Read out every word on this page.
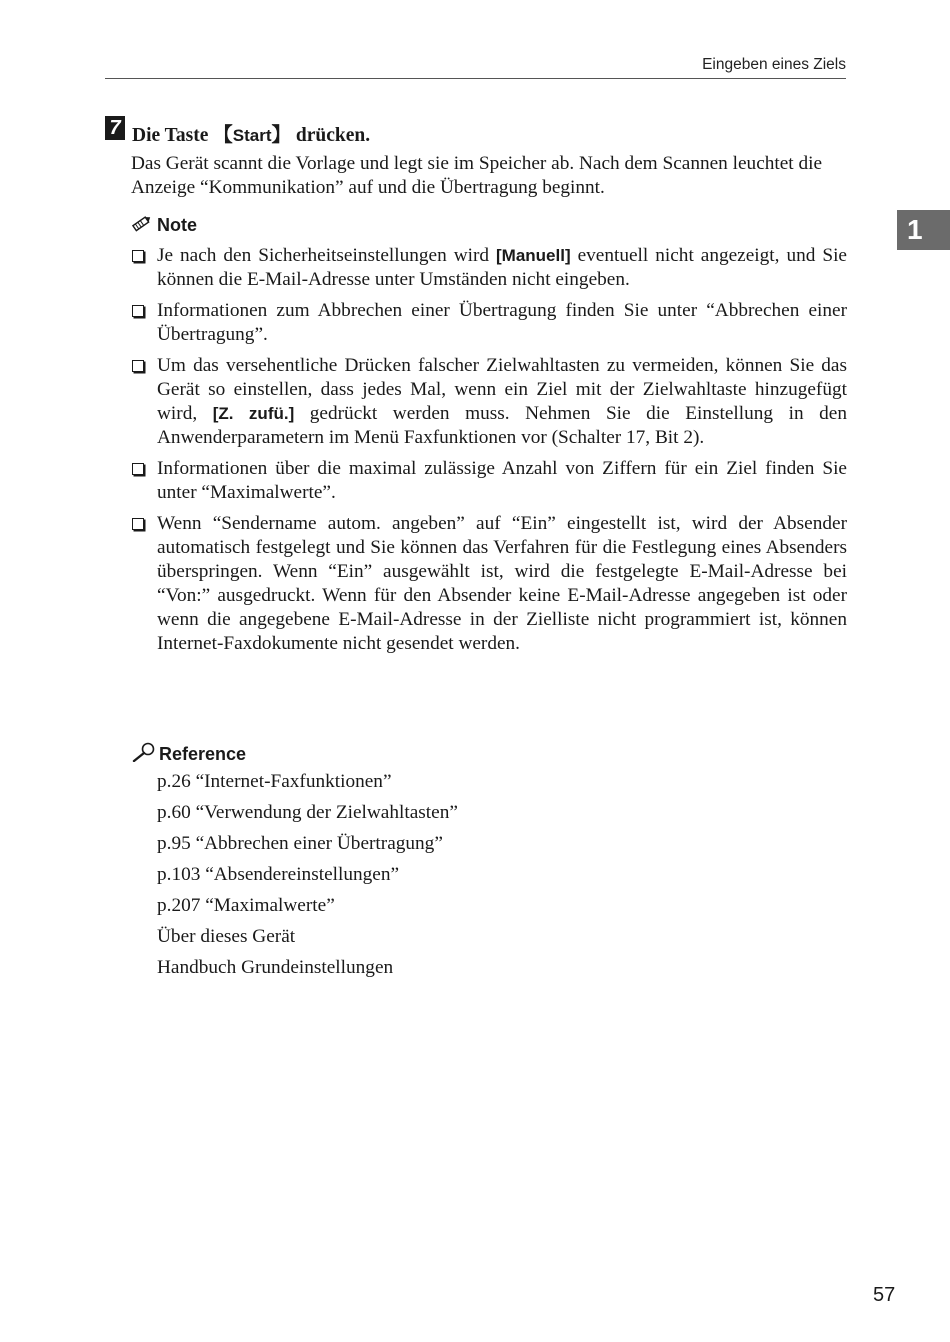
Eingeben eines Ziels
1
7 Die Taste 【Start】 drücken.
Das Gerät scannt die Vorlage und legt sie im Speicher ab. Nach dem Scannen leuchtet die Anzeige “Kommunikation” auf und die Übertragung beginnt.
Note
Je nach den Sicherheitseinstellungen wird [Manuell] eventuell nicht angezeigt, und Sie können die E-Mail-Adresse unter Umständen nicht eingeben.
Informationen zum Abbrechen einer Übertragung finden Sie unter “Abbrechen einer Übertragung”.
Um das versehentliche Drücken falscher Zielwahltasten zu vermeiden, können Sie das Gerät so einstellen, dass jedes Mal, wenn ein Ziel mit der Zielwahltaste hinzugefügt wird, [Z. zufü.] gedrückt werden muss. Nehmen Sie die Einstellung in den Anwenderparametern im Menü Faxfunktionen vor (Schalter 17, Bit 2).
Informationen über die maximal zulässige Anzahl von Ziffern für ein Ziel finden Sie unter “Maximalwerte”.
Wenn “Sendername autom. angeben” auf “Ein” eingestellt ist, wird der Absender automatisch festgelegt und Sie können das Verfahren für die Festlegung eines Absenders überspringen. Wenn “Ein” ausgewählt ist, wird die festgelegte E-Mail-Adresse bei “Von:” ausgedruckt. Wenn für den Absender keine E-Mail-Adresse angegeben ist oder wenn die angegebene E-Mail-Adresse in der Zielliste nicht programmiert ist, können Internet-Faxdokumente nicht gesendet werden.
Reference
p.26 “Internet-Faxfunktionen”
p.60 “Verwendung der Zielwahltasten”
p.95 “Abbrechen einer Übertragung”
p.103 “Absendereinstellungen”
p.207 “Maximalwerte”
Über dieses Gerät
Handbuch Grundeinstellungen
57
